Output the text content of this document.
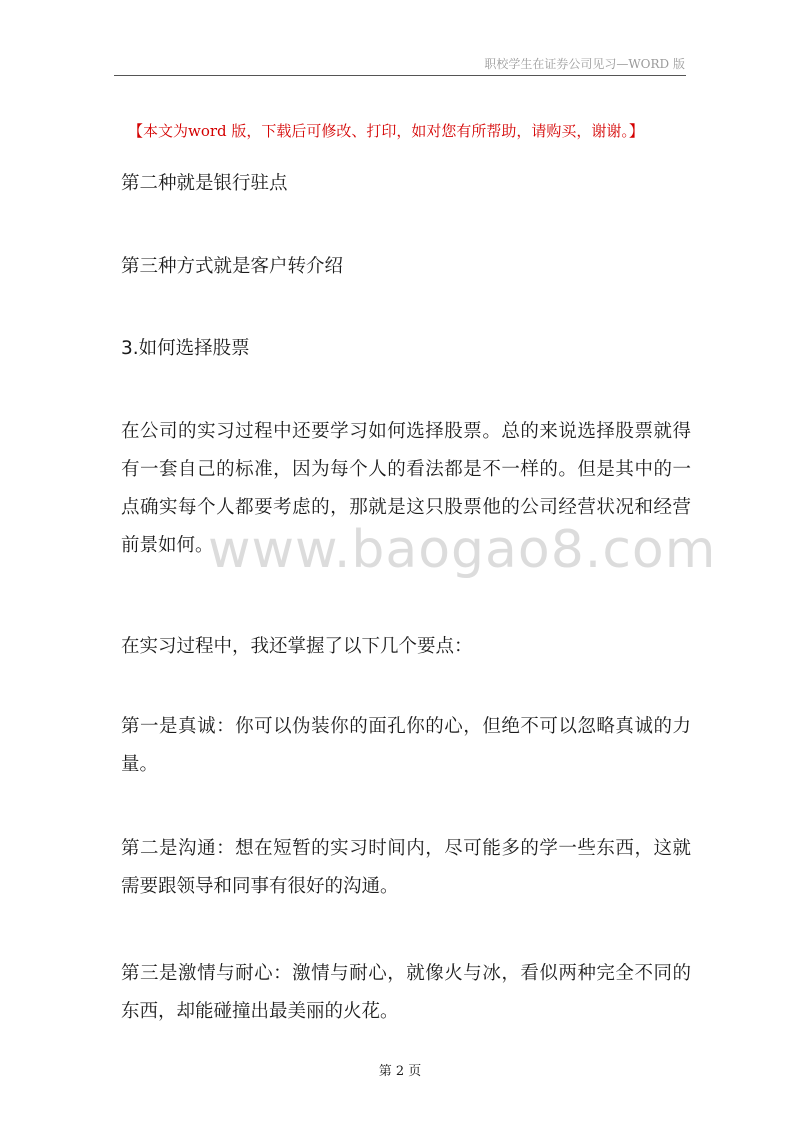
职校学生在证券公司见习—WORD 版
【本文为word 版，下载后可修改、打印，如对您有所帮助，请购买，谢谢。】
第二种就是银行驻点
第三种方式就是客户转介绍
3.如何选择股票
在公司的实习过程中还要学习如何选择股票。总的来说选择股票就得有一套自己的标准，因为每个人的看法都是不一样的。但是其中的一点确实每个人都要考虑的，那就是这只股票他的公司经营状况和经营前景如何。
www.baogao8.com
在实习过程中，我还掌握了以下几个要点：
第一是真诚：你可以伪装你的面孔你的心，但绝不可以忽略真诚的力量。
第二是沟通：想在短暂的实习时间内，尽可能多的学一些东西，这就需要跟领导和同事有很好的沟通。
第三是激情与耐心：激情与耐心，就像火与冰，看似两种完全不同的东西，却能碰撞出最美丽的火花。
第 2 页
